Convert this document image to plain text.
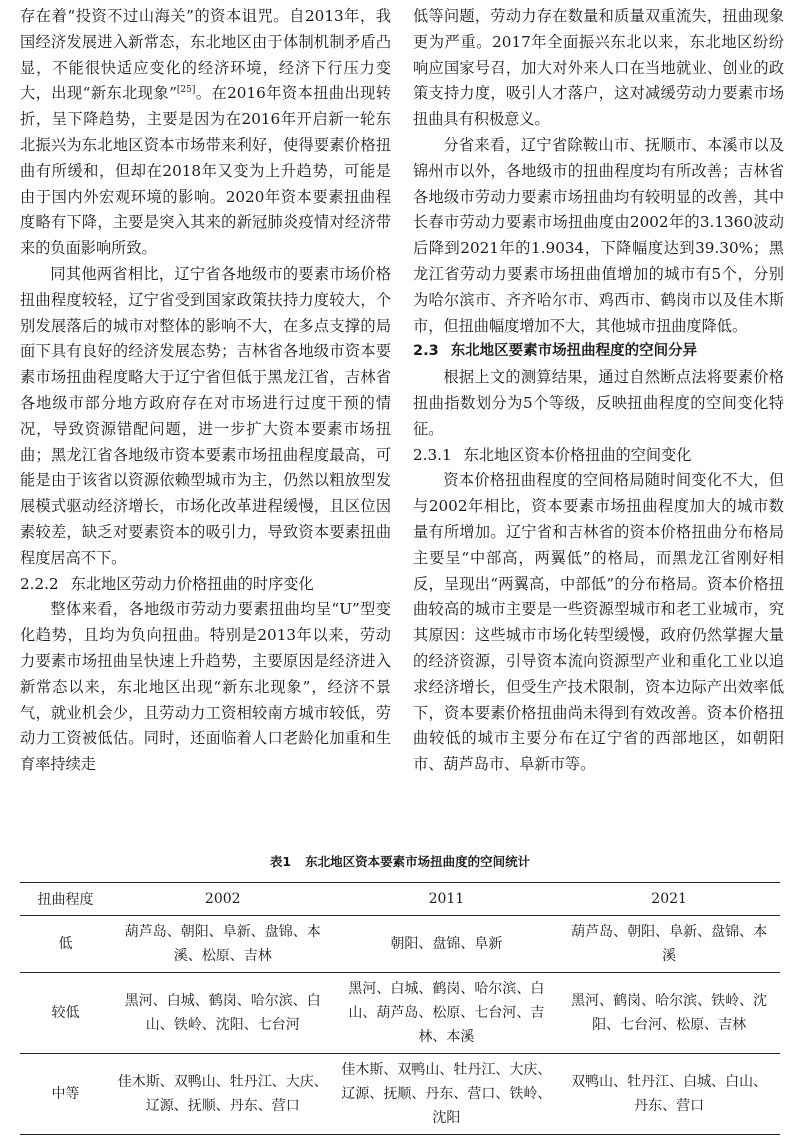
存在着“投资不过山海关”的资本诅咒。自2013年，我国经济发展进入新常态，东北地区由于体制机制矛盾凸显，不能很快适应变化的经济环境，经济下行压力变大，出现“新东北现象”[25]。在2016年资本扭曲出现转折，呈下降趋势，主要是因为在2016年开启新一轮东北振兴为东北地区资本市场带来利好，使得要素价格扭曲有所缓和，但却在2018年又变为上升趋势，可能是由于国内外宏观环境的影响。2020年资本要素扭曲程度略有下降，主要是突入其来的新冠肺炎疫情对经济带来的负面影响所致。

同其他两省相比，辽宁省各地级市的要素市场价格扭曲程度较轻，辽宁省受到国家政策扶持力度较大，个别发展落后的城市对整体的影响不大，在多点支撑的局面下具有良好的经济发展态势；吉林省各地级市资本要素市场扭曲程度略大于辽宁省但低于黑龙江省，吉林省各地级市部分地方政府存在对市场进行过度干预的情况，导致资源错配问题，进一步扩大资本要素市场扭曲；黑龙江省各地级市资本要素市场扭曲程度最高，可能是由于该省以资源依赖型城市为主，仍然以粗放型发展模式驱动经济增长，市场化改革进程缓慢，且区位因素较差，缺乏对要素资本的吸引力，导致资本要素扭曲程度居高不下。

2.2.2 东北地区劳动力价格扭曲的时序变化

整体来看，各地级市劳动力要素扭曲均呈“U”型变化趋势，且均为负向扭曲。特别是2013年以来，劳动力要素市场扭曲呈快速上升趋势，主要原因是经济进入新常态以来，东北地区出现“新东北现象”，经济不景气，就业机会少，且劳动力工资相较南方城市较低，劳动力工资被低估。同时，还面临着人口老龄化加重和生育率持续走

低等问题，劳动力存在数量和质量双重流失，扭曲现象更为严重。2017年全面振兴东北以来，东北地区纷纷响应国家号召，加大对外来人口在当地就业、创业的政策支持力度，吸引人才落户，这对减缓劳动力要素市场扭曲具有积极意义。

分省来看，辽宁省除鞍山市、抚顺市、本溪市以及锦州市以外，各地级市的扭曲程度均有所改善；吉林省各地级市劳动力要素市场扭曲均有较明显的改善，其中长春市劳动力要素市场扭曲度由2002年的3.1360波动后降到2021年的1.9034，下降幅度达到39.30%；黑龙江省劳动力要素市场扭曲值增加的城市有5个，分别为哈尔滨市、齐齐哈尔市、鸡西市、鹤岗市以及佳木斯市，但扭曲幅度增加不大，其他城市扭曲度降低。

2.3 东北地区要素市场扭曲程度的空间分异

根据上文的测算结果，通过自然断点法将要素价格扭曲指数划分为5个等级，反映扭曲程度的空间变化特征。

2.3.1 东北地区资本价格扭曲的空间变化

资本价格扭曲程度的空间格局随时间变化不大，但与2002年相比，资本要素市场扭曲程度加大的城市数量有所增加。辽宁省和吉林省的资本价格扭曲分布格局主要呈“中部高，两翼低”的格局，而黑龙江省刚好相反，呈现出“两翼高，中部低”的分布格局。资本价格扭曲较高的城市主要是一些资源型城市和老工业城市，究其原因：这些城市市场化转型缓慢，政府仍然掌握大量的经济资源，引导资本流向资源型产业和重化工业以追求经济增长，但受生产技术限制，资本边际产出效率低下，资本要素价格扭曲尚未得到有效改善。资本价格扭曲较低的城市主要分布在辽宁省的西部地区，如朝阳市、葫芦岛市、阜新市等。

表1 东北地区资本要素市场扭曲度的空间统计
扭曲程度	2002	2011	2021
低	葫芦岛、朝阳、阜新、盘锦、本溪、松原、吉林	朝阳、盘锦、阜新	葫芦岛、朝阳、阜新、盘锦、本溪
较低	黑河、白城、鹤岗、哈尔滨、白山、铁岭、沈阳、七台河	黑河、白城、鹤岗、哈尔滨、白山、葫芦岛、松原、七台河、吉林、本溪	黑河、鹤岗、哈尔滨、铁岭、沈阳、七台河、松原、吉林
中等	佳木斯、双鸭山、牡丹江、大庆、辽源、抚顺、丹东、营口	佳木斯、双鸭山、牡丹江、大庆、辽源、抚顺、丹东、营口、铁岭、沈阳	双鸭山、牡丹江、白城、白山、丹东、营口
